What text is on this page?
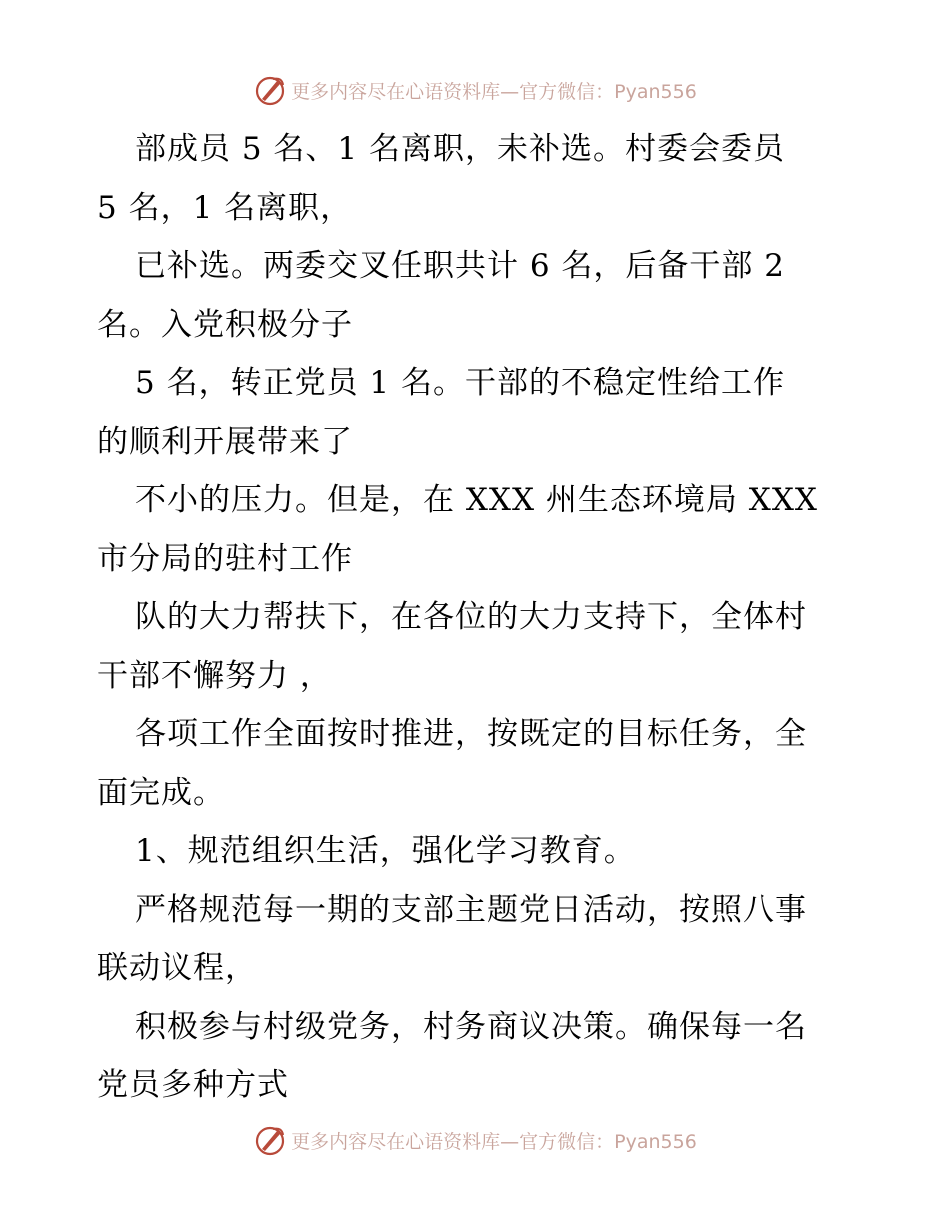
更多内容尽在心语资料库—官方微信：Pyan556

部成员 5 名、1 名离职，未补选。村委会委员
5 名，1 名离职，

已补选。两委交叉任职共计 6 名，后备干部 2
名。入党积极分子

5 名，转正党员 1 名。干部的不稳定性给工作
的顺利开展带来了

不小的压力。但是，在 XXX 州生态环境局 XXX
市分局的驻村工作

队的大力帮扶下，在各位的大力支持下，全体村
干部不懈努力 ，

各项工作全面按时推进，按既定的目标任务，全
面完成。

1、规范组织生活，强化学习教育。

严格规范每一期的支部主题党日活动，按照八事
联动议程，

积极参与村级党务，村务商议决策。确保每一名
党员多种方式

更多内容尽在心语资料库—官方微信：Pyan556
